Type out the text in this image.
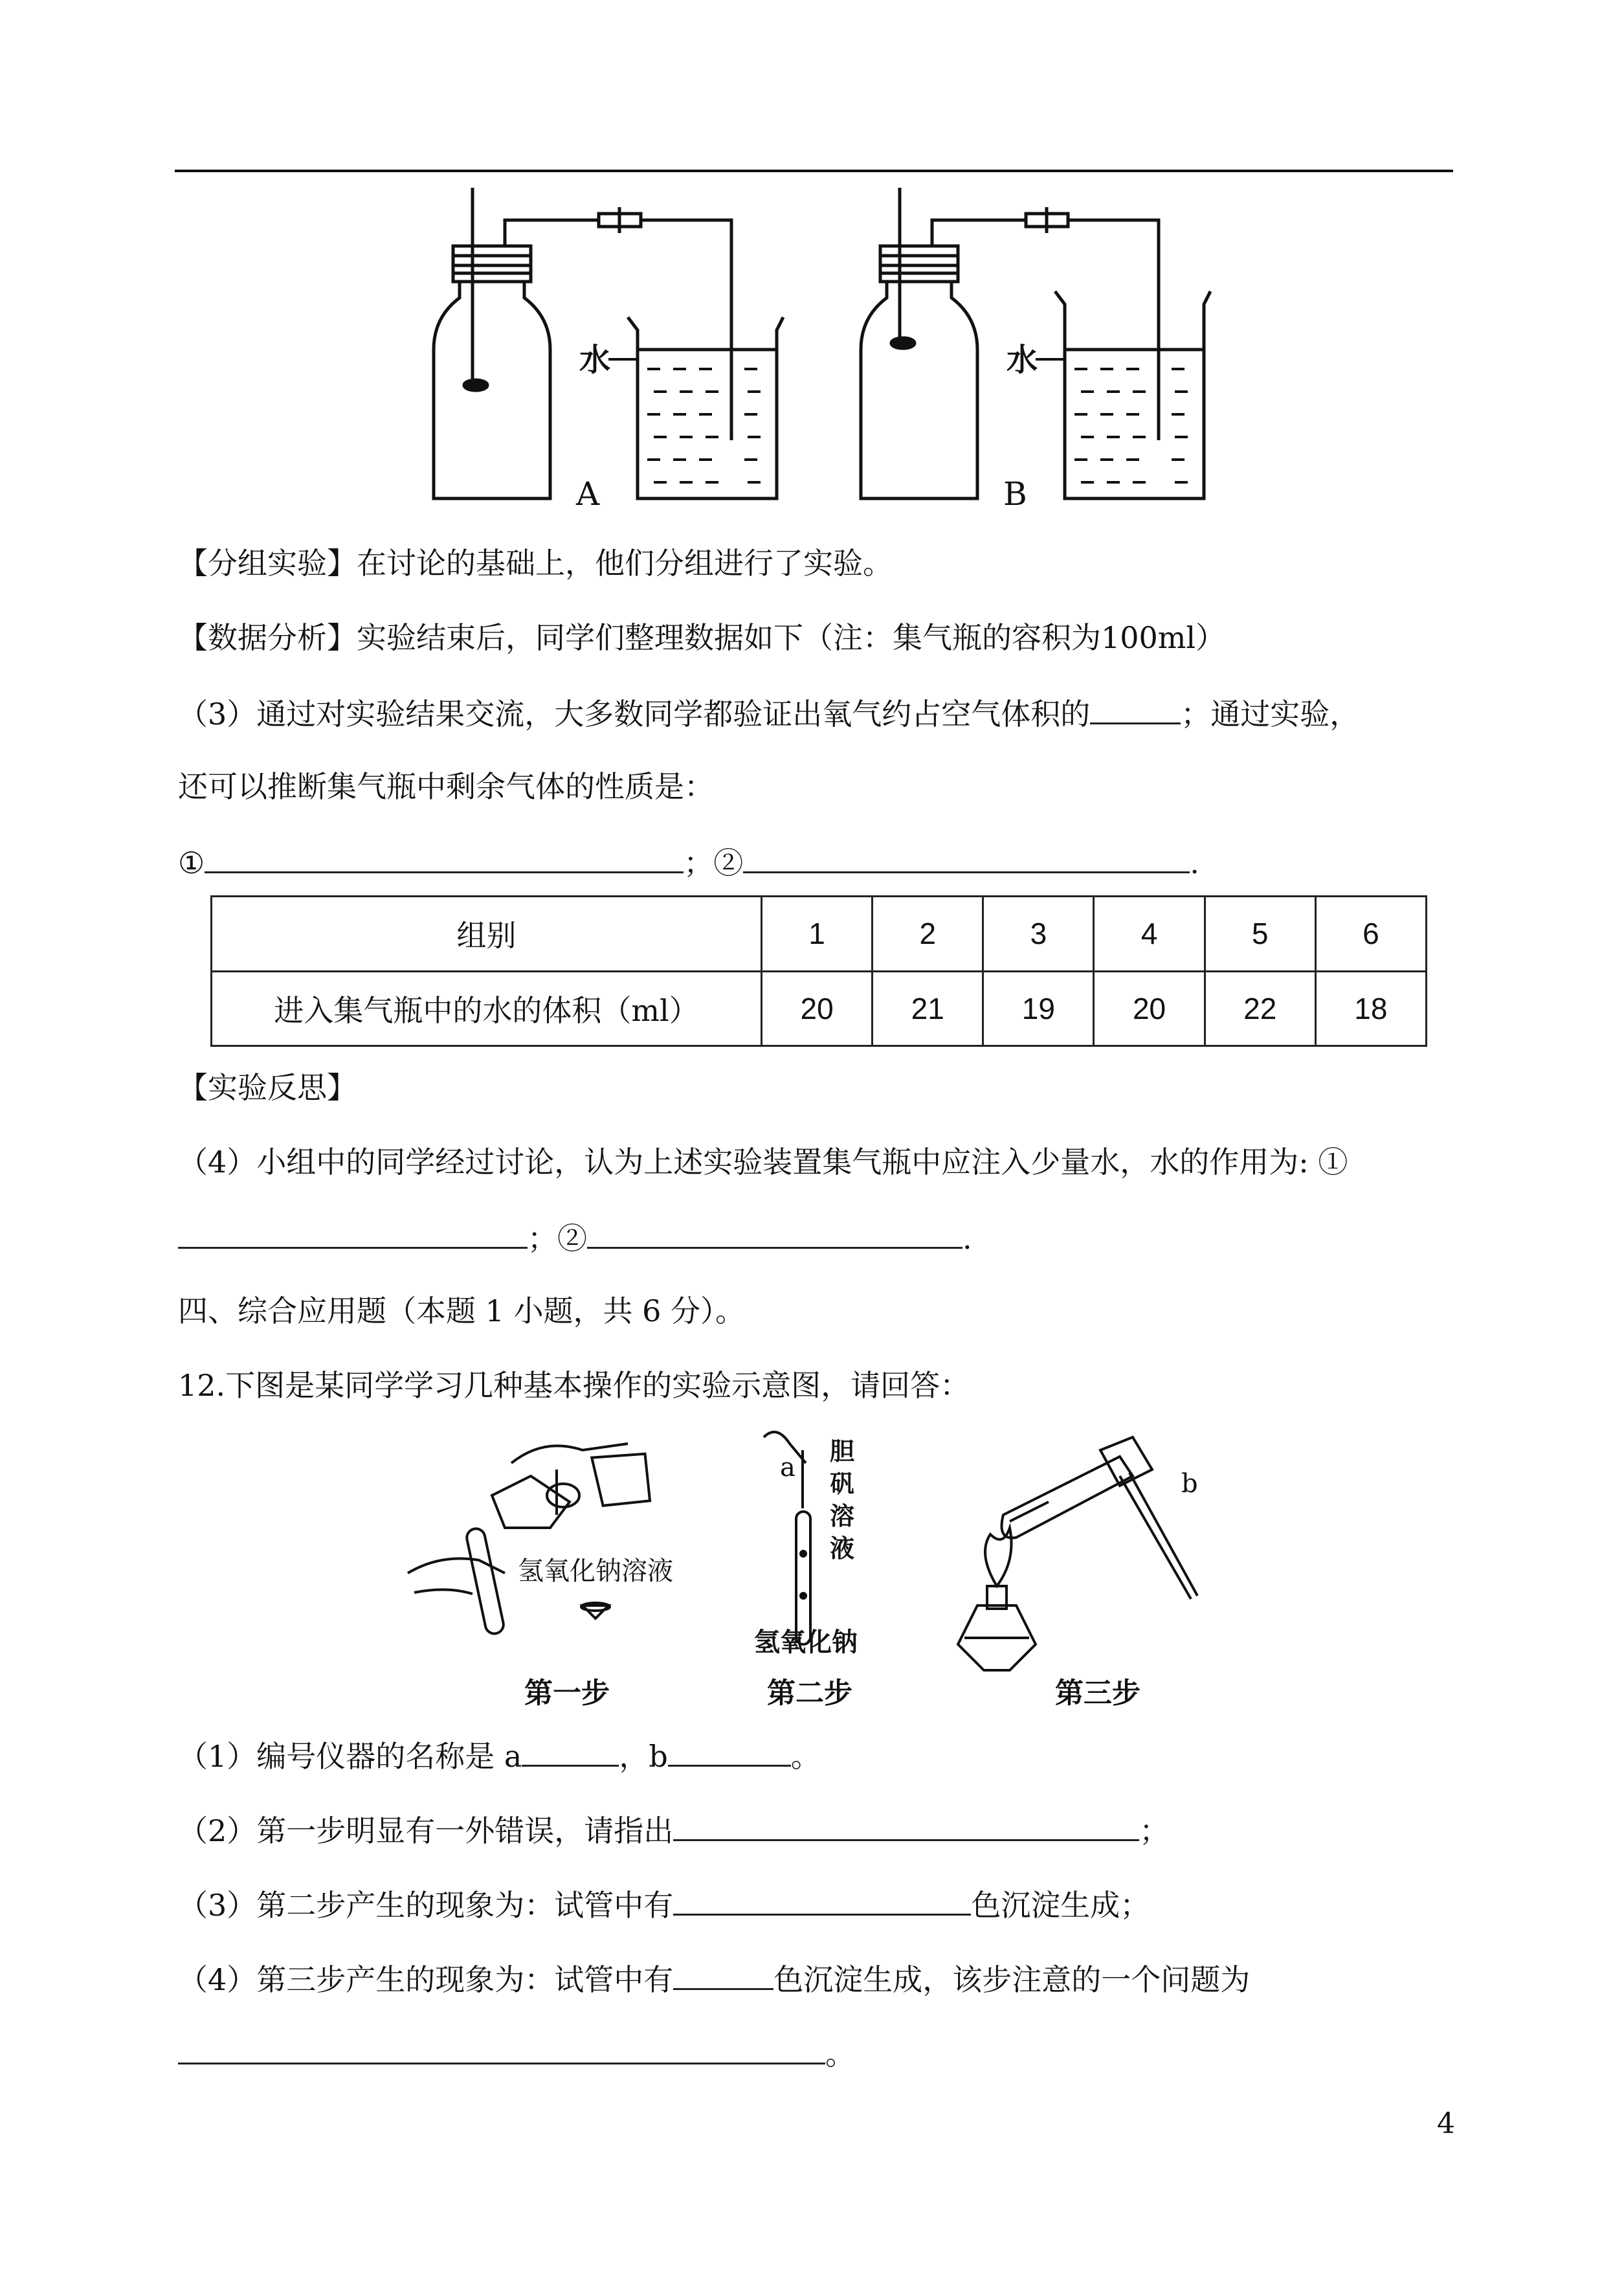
水
A
水
B
【分组实验】在讨论的基础上，他们分组进行了实验。
【数据分析】实验结束后，同学们整理数据如下（注：集气瓶的容积为100ml）
（3）通过对实验结果交流，大多数同学都验证出氧气约占空气体积的	；通过实验，
还可以推断集气瓶中剩余气体的性质是：
①	；②	.
组别	1	2	3	4	5	6
进入集气瓶中的水的体积（ml）	20	21	19	20	22	18
【实验反思】
（4）小组中的同学经过讨论，认为上述实验装置集气瓶中应注入少量水，水的作用为: ①
；②	.
四、综合应用题（本题 1 小题，共 6 分）。
12.下图是某同学学习几种基本操作的实验示意图，请回答：
氢氧化钠溶液
a
胆
矾
溶
液
氢氧化钠
b
第一步	第二步	第三步
（1）编号仪器的名称是 a	，b	。
（2）第一步明显有一外错误，请指出	；
（3）第二步产生的现象为：试管中有	色沉淀生成；
（4）第三步产生的现象为：试管中有	色沉淀生成，该步注意的一个问题为
。
4
